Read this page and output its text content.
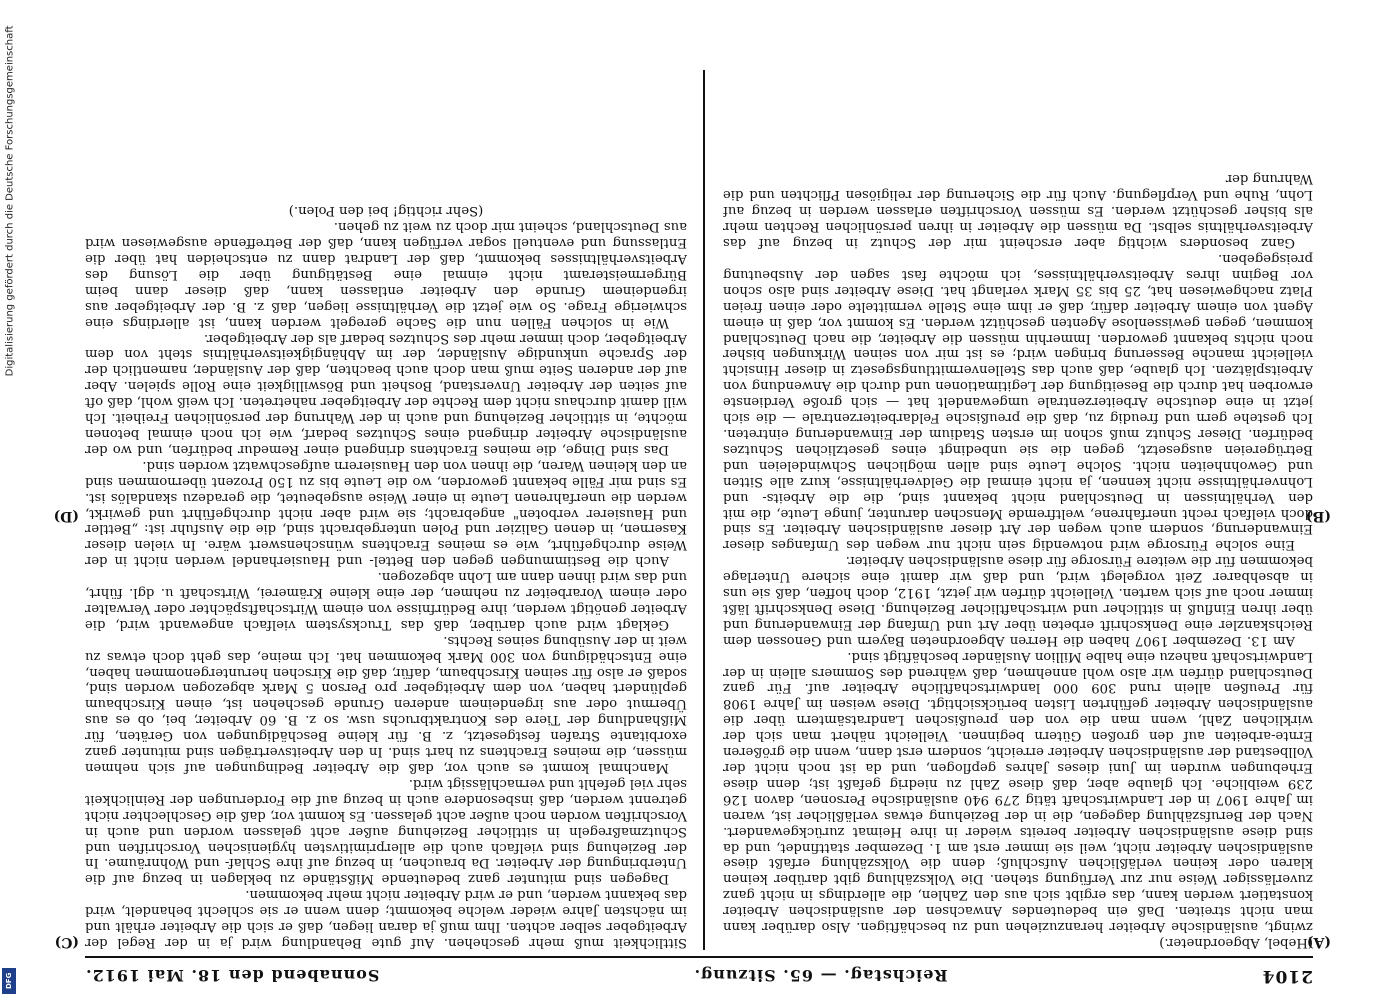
Digitalisierung gefördert durch die Deutsche Forschungsgemeinschaft
DFG	2104
Reichstag. — 65. Sitzung.
Sonnabend den 18. Mai 1912.
(A)
(B)
(C)
(D)

(Hebel, Abgeordneter.)

zwingt, ausländische Arbeiter heranzuziehen und zu beschäftigen. Also darüber kann man nicht streiten. Daß ein bedeutendes Anwachsen der ausländischen Arbeiter konstatiert werden kann, das ergibt sich aus den Zahlen, die allerdings in nicht ganz zuverlässiger Weise nur zur Verfügung stehen. Die Volkszählung gibt darüber keinen klaren oder keinen verläßlichen Aufschluß; denn die Volkszählung erfaßt diese ausländischen Arbeiter nicht, weil sie immer erst am 1. Dezember stattfindet, und da sind diese ausländischen Arbeiter bereits wieder in ihre Heimat zurückgewandert. Nach der Berufszählung dagegen, die in der Beziehung etwas verläßlicher ist, waren im Jahre 1907 in der Landwirtschaft tätig 279 940 ausländische Personen, davon 126 239 weibliche. Ich glaube aber, daß diese Zahl zu niedrig gefaßt ist; denn diese Erhebungen wurden im Juni dieses Jahres gepflogen, und da ist noch nicht der Vollbestand der ausländischen Arbeiter erreicht, sondern erst dann, wenn die größeren Ernte-arbeiten auf den großen Gütern beginnen. Vielleicht nähert man sich der wirklichen Zahl, wenn man die von den preußischen Landratsämtern über die ausländischen Arbeiter geführten Listen berücksichtigt. Diese weisen im Jahre 1908 für Preußen allein rund 309 000 landwirtschaftliche Arbeiter auf. Für ganz Deutschland dürfen wir also wohl annehmen, daß während des Sommers allein in der Landwirtschaft nahezu eine halbe Million Ausländer beschäftigt sind.

Am 13. Dezember 1907 haben die Herren Abgeordneten Bayern und Genossen dem Reichskanzler eine Denkschrift erbeten über Art und Umfang der Einwanderung und über ihren Einfluß in sittlicher und wirtschaftlicher Beziehung. Diese Denkschrift läßt immer noch auf sich warten. Vielleicht dürfen wir jetzt, 1912, doch hoffen, daß sie uns in absehbarer Zeit vorgelegt wird, und daß wir damit eine sichere Unterlage bekommen für die weitere Fürsorge für diese ausländischen Arbeiter.

Eine solche Fürsorge wird notwendig sein nicht nur wegen des Umfanges dieser Einwanderung, sondern auch wegen der Art dieser ausländischen Arbeiter. Es sind doch vielfach recht unerfahrene, weltfremde Menschen darunter, junge Leute, die mit den Verhältnissen in Deutschland nicht bekannt sind, die die Arbeits- und Lohnverhältnisse nicht kennen, ja nicht einmal die Geldverhältnisse, kurz alle Sitten und Gewohnheiten nicht. Solche Leute sind allen möglichen Schwindeleien und Betrügereien ausgesetzt, gegen die sie unbedingt eines gesetzlichen Schutzes bedürfen. Dieser Schutz muß schon im ersten Stadium der Einwanderung eintreten. Ich gestehe gern und freudig zu, daß die preußische Feldarbeiterzentrale — die sich jetzt in eine deutsche Arbeiterzentrale umgewandelt hat — sich große Verdienste erworben hat durch die Beseitigung der Legitimationen und durch die Anwendung von Arbeitsplätzen. Ich glaube, daß auch das Stellenvermittlungsgesetz in dieser Hinsicht vielleicht manche Besserung bringen wird; es ist mir von seinen Wirkungen bisher noch nichts bekannt geworden. Immerhin müssen die Arbeiter, die nach Deutschland kommen, gegen gewissenlose Agenten geschützt werden. Es kommt vor, daß in einem Agent von einem Arbeiter dafür, daß er ihm eine Stelle vermittelte oder einen freien Platz nachgewiesen hat, 25 bis 35 Mark verlangt hat. Diese Arbeiter sind also schon vor Beginn ihres Arbeitsverhältnisses, ich möchte fast sagen der Ausbeutung preisgegeben.

Ganz besonders wichtig aber erscheint mir der Schutz in bezug auf das Arbeitsverhältnis selbst. Da müssen die Arbeiter in ihren persönlichen Rechten mehr als bisher geschützt werden. Es müssen Vorschriften erlassen werden in bezug auf Lohn, Ruhe und Verpflegung. Auch für die Sicherung der religiösen Pflichten und die Wahrung der

Sittlichkeit muß mehr geschehen. Auf gute Behandlung wird ja in der Regel der Arbeitgeber selber achten. Ihm muß ja daran liegen, daß er sich die Arbeiter erhält und im nächsten Jahre wieder welche bekommt; denn wenn er sie schlecht behandelt, wird das bekannt werden, und er wird Arbeiter nicht mehr bekommen.

Dagegen sind mitunter ganz bedeutende Mißstände zu beklagen in bezug auf die Unterbringung der Arbeiter. Da brauchen, in bezug auf ihre Schlaf- und Wohnräume. In der Beziehung sind vielfach auch die allerprimitivsten hygienischen Vorschriften und Schutzmaßregeln in sittlicher Beziehung außer acht gelassen worden und auch in Vorschriften worden noch außer acht gelassen. Es kommt vor, daß die Geschlechter nicht getrennt werden, daß insbesondere auch in bezug auf die Forderungen der Reinlichkeit sehr viel gefehlt und vernachlässigt wird.

Manchmal kommt es auch vor, daß die Arbeiter Bedingungen auf sich nehmen müssen, die meines Erachtens zu hart sind. In den Arbeitsverträgen sind mitunter ganz exorbitante Strafen festgesetzt, z. B. für kleine Beschädigungen von Geräten, für Mißhandlung der Tiere des Kontraktbruchs usw. so z. B. 60 Arbeiter, bei, ob es aus Übermut oder aus irgendeinem anderen Grunde geschehen ist, einen Kirschbaum geplündert haben, von dem Arbeitgeber pro Person 5 Mark abgezogen worden sind, sodaß er also für seinen Kirschbaum, dafür, daß die Kirschen heruntergenommen haben, eine Entschädigung von 300 Mark bekommen hat. Ich meine, das geht doch etwas zu weit in der Ausübung seines Rechts.

Geklagt wird auch darüber, daß das Trucksystem vielfach angewandt wird, die Arbeiter genötigt werden, ihre Bedürfnisse von einem Wirtschaftspächter oder Verwalter oder einem Vorarbeiter zu nehmen, der eine kleine Krämerei, Wirtschaft u. dgl. führt, und das wird ihnen dann am Lohn abgezogen.

Auch die Bestimmungen gegen den Bettel- und Hausierhandel werden nicht in der Weise durchgeführt, wie es meines Erachtens wünschenswert wäre. In vielen dieser Kasernen, in denen Galizier und Polen untergebracht sind, die die Ausfuhr ist: „Bettler und Hausierer verboten" angebracht; sie wird aber nicht durchgeführt und gewirkt, werden die unerfahrenen Leute in einer Weise ausgebeutet, die geradezu skandalös ist. Es sind mir Fälle bekannt geworden, wo die Leute bis zu 150 Prozent übernommen sind an den kleinen Waren, die ihnen von den Hausierern aufgeschwatzt worden sind.

Das sind Dinge, die meines Erachtens dringend einer Remedur bedürfen, und wo der ausländische Arbeiter dringend eines Schutzes bedarf, wie ich noch einmal betonen möchte, in sittlicher Beziehung und auch in der Wahrung der persönlichen Freiheit. Ich will damit durchaus nicht dem Rechte der Arbeitgeber nahetreten. Ich weiß wohl, daß oft auf seiten der Arbeiter Unverstand, Bosheit und Böswilligkeit eine Rolle spielen. Aber auf der anderen Seite muß man doch auch beachten, daß der Ausländer, namentlich der der Sprache unkundige Ausländer, der im Abhängigkeitsverhältnis steht von dem Arbeitgeber, doch immer mehr des Schutzes bedarf als der Arbeitgeber.

Wie in solchen Fällen nun die Sache geregelt werden kann, ist allerdings eine schwierige Frage. So wie jetzt die Verhältnisse liegen, daß z. B. der Arbeitgeber aus irgendeinem Grunde den Arbeiter entlassen kann, daß dieser dann beim Bürgermeisteramt nicht einmal eine Bestätigung über die Lösung des Arbeitsverhältnisses bekommt, daß der Landrat dann zu entscheiden hat über die Entlassung und eventuell sogar verfügen kann, daß der Betreffende ausgewiesen wird aus Deutschland, scheint mir doch zu weit zu gehen.

(Sehr richtig! bei den Polen.)
